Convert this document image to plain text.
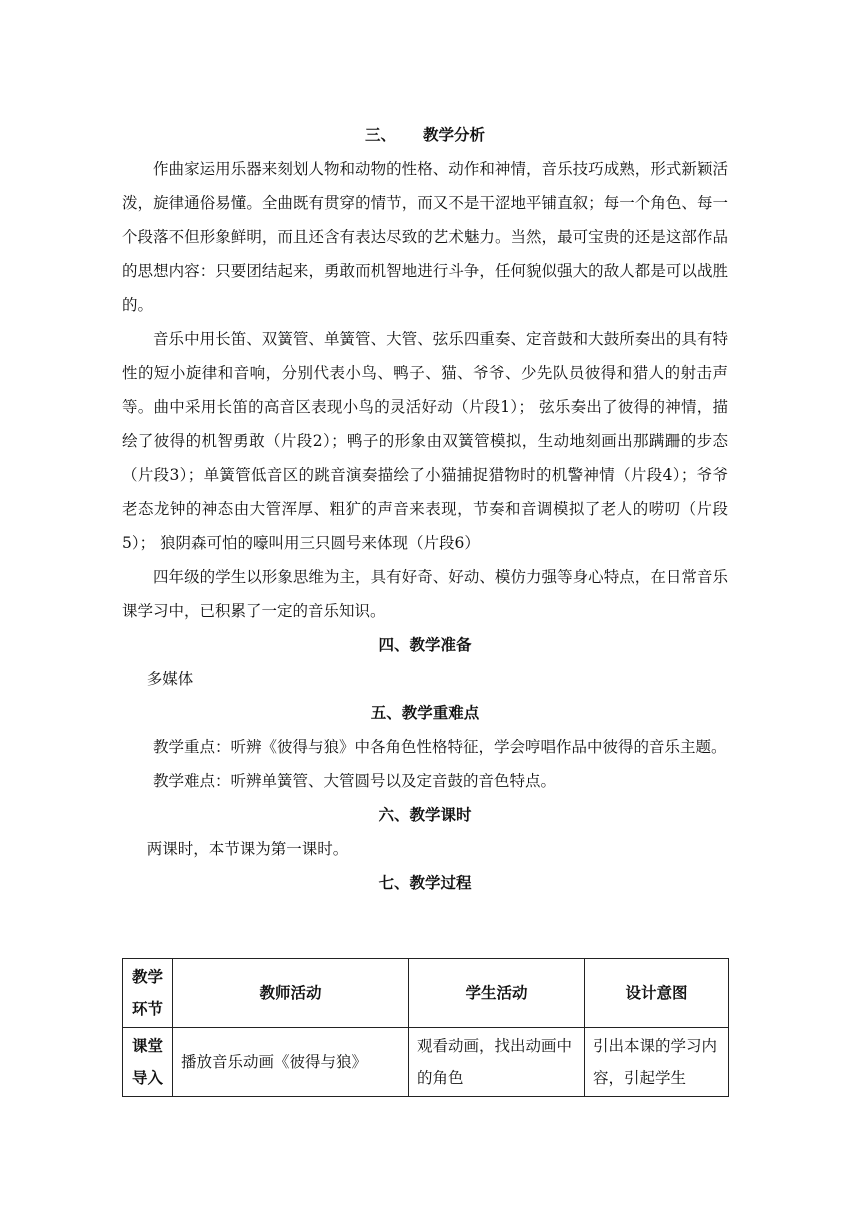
三、     教学分析

作曲家运用乐器来刻划人物和动物的性格、动作和神情，音乐技巧成熟，形式新颖活泼，旋律通俗易懂。全曲既有贯穿的情节，而又不是干涩地平铺直叙；每一个角色、每一个段落不但形象鲜明，而且还含有表达尽致的艺术魅力。当然，最可宝贵的还是这部作品的思想内容：只要团结起来，勇敢而机智地进行斗争，任何貌似强大的敌人都是可以战胜的。

音乐中用长笛、双簧管、单簧管、大管、弦乐四重奏、定音鼓和大鼓所奏出的具有特性的短小旋律和音响，分别代表小鸟、鸭子、猫、爷爷、少先队员彼得和猎人的射击声等。曲中采用长笛的高音区表现小鸟的灵活好动（片段1）； 弦乐奏出了彼得的神情，描绘了彼得的机智勇敢（片段2）；鸭子的形象由双簧管模拟，生动地刻画出那蹒跚的步态（片段3）；单簧管低音区的跳音演奏描绘了小猫捕捉猎物时的机警神情（片段4）；爷爷老态龙钟的神态由大管浑厚、粗犷的声音来表现，节奏和音调模拟了老人的唠叨（片段5）； 狼阴森可怕的嚎叫用三只圆号来体现（片段6）

四年级的学生以形象思维为主，具有好奇、好动、模仿力强等身心特点，在日常音乐课学习中，已积累了一定的音乐知识。

四、教学准备

多媒体

五、教学重难点

教学重点：听辨《彼得与狼》中各角色性格特征，学会哼唱作品中彼得的音乐主题。

教学难点：听辨单簧管、大管圆号以及定音鼓的音色特点。

六、教学课时

两课时，本节课为第一课时。

七、教学过程
教学环节	教师活动	学生活动	设计意图
课堂导入	播放音乐动画《彼得与狼》	观看动画，找出动画中的角色	引出本课的学习内容，引起学生
